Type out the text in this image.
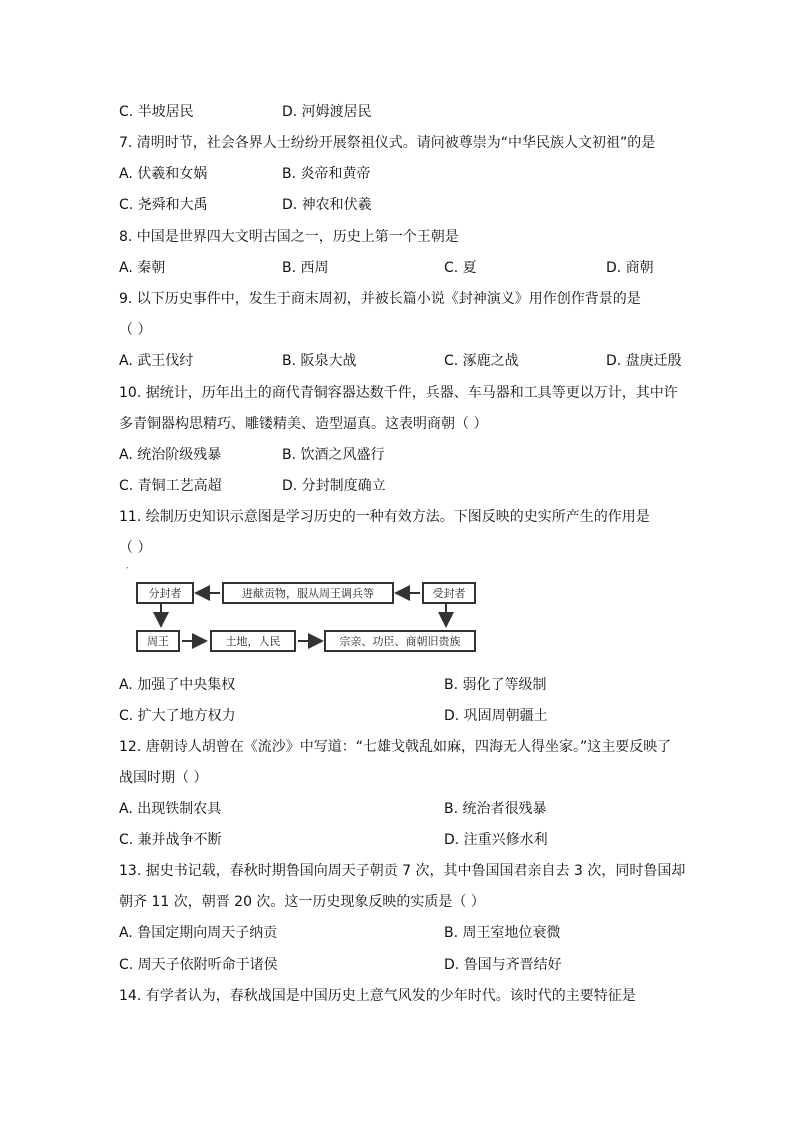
C. 半坡居民	D. 河姆渡居民
7. 清明时节，社会各界人士纷纷开展祭祖仪式。请问被尊崇为“中华民族人文初祖”的是
A. 伏羲和女娲	B. 炎帝和黄帝
C. 尧舜和大禹	D. 神农和伏羲
8. 中国是世界四大文明古国之一，历史上第一个王朝是
A. 秦朝	B. 西周	C. 夏	D. 商朝
9. 以下历史事件中，发生于商末周初，并被长篇小说《封神演义》用作创作背景的是
（ ）
A. 武王伐纣	B. 阪泉大战	C. 涿鹿之战	D. 盘庚迁殷
10. 据统计，历年出土的商代青铜容器达数千件，兵器、车马器和工具等更以万计，其中许
多青铜器构思精巧、雕镂精美、造型逼真。这表明商朝（ ）
A. 统治阶级残暴	B. 饮酒之风盛行
C. 青铜工艺高超	D. 分封制度确立
11. 绘制历史知识示意图是学习历史的一种有效方法。下图反映的史实所产生的作用是
（ ）
′
分封者	进献贡物，服从周王调兵等	受封者
周王	土地，人民	宗亲、功臣、商朝旧贵族
A. 加强了中央集权	B. 弱化了等级制
C. 扩大了地方权力	D. 巩固周朝疆土
12. 唐朝诗人胡曾在《流沙》中写道：“七雄戈戟乱如麻，四海无人得坐家。”这主要反映了
战国时期（ ）
A. 出现铁制农具	B. 统治者很残暴
C. 兼并战争不断	D. 注重兴修水利
13. 据史书记载，春秋时期鲁国向周天子朝贡 7 次，其中鲁国国君亲自去 3 次，同时鲁国却
朝齐 11 次，朝晋 20 次。这一历史现象反映的实质是（ ）
A. 鲁国定期向周天子纳贡	B. 周王室地位衰微
C. 周天子依附听命于诸侯	D. 鲁国与齐晋结好
14. 有学者认为，春秋战国是中国历史上意气风发的少年时代。该时代的主要特征是
